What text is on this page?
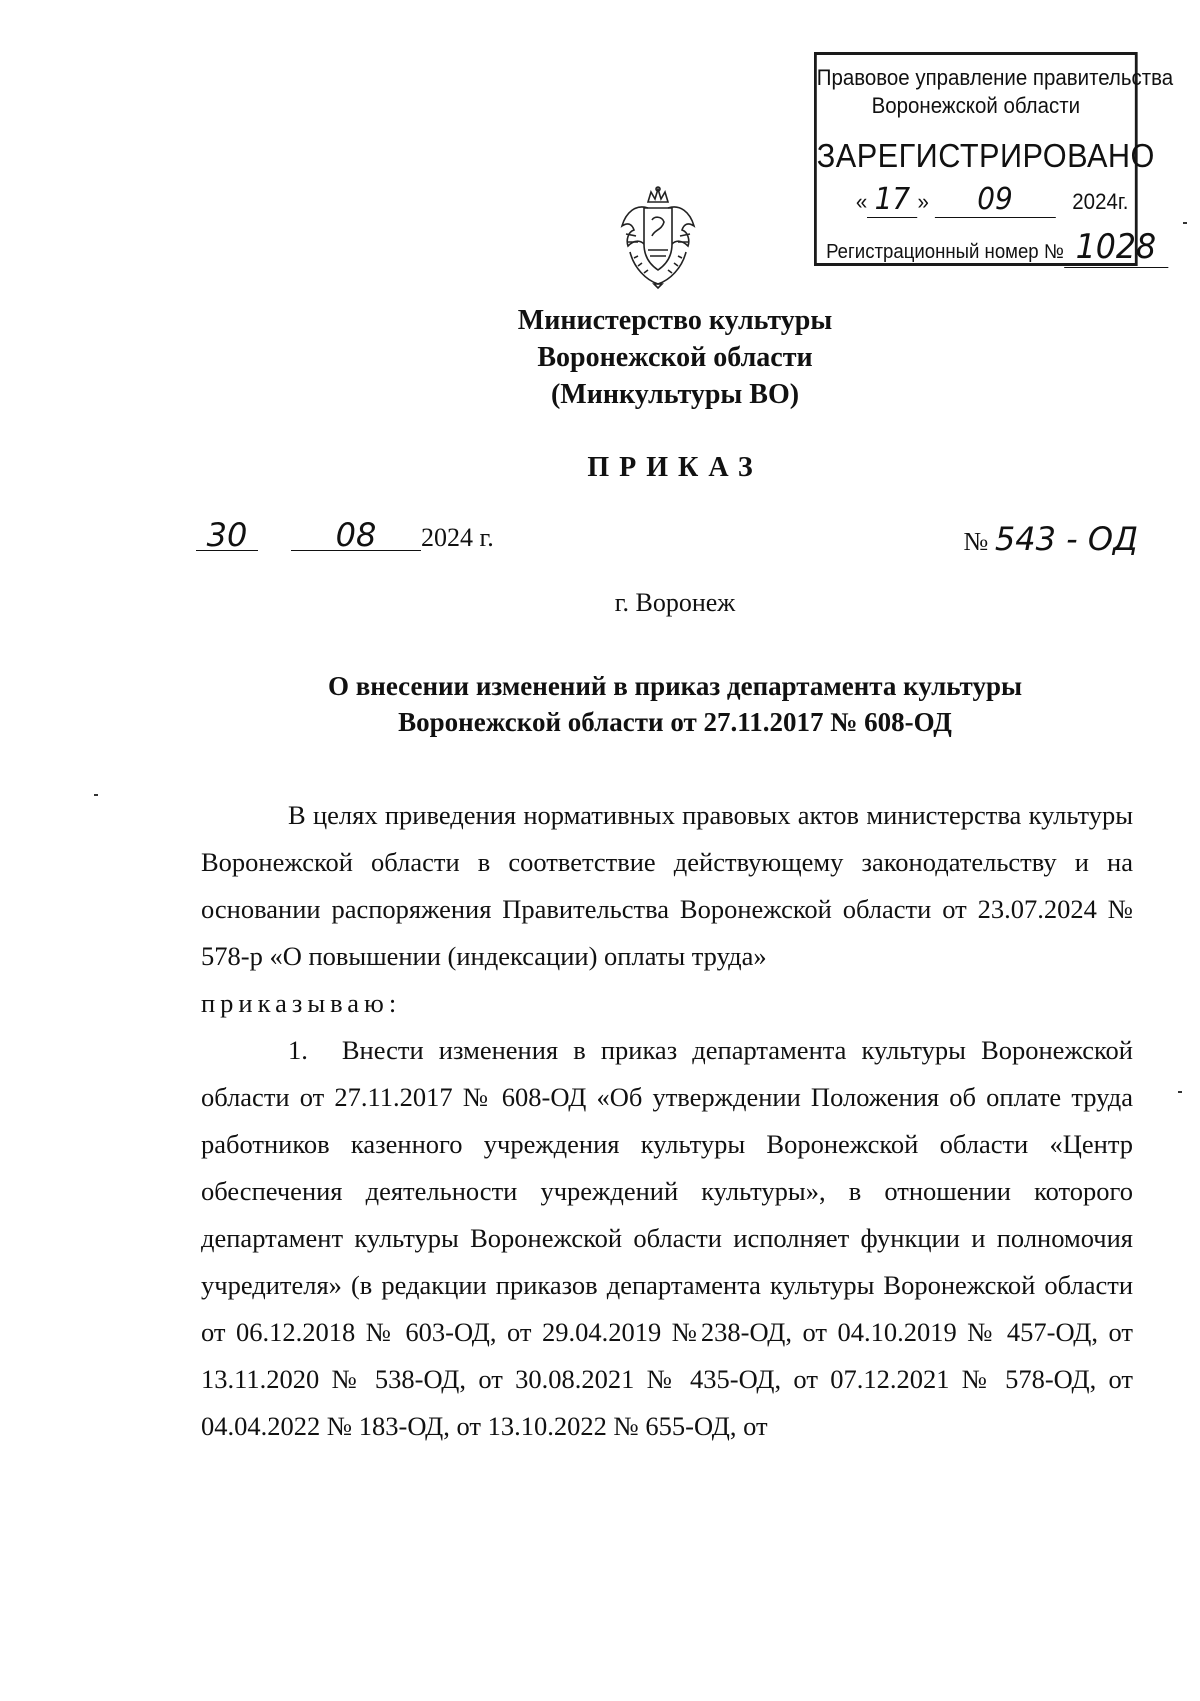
Правовое управление правительства
Воронежской области
ЗАРЕГИСТРИРОВАНО
« 17 » 09	2024г.
Регистрационный номер № 1028
Министерство культуры
Воронежской области
(Минкультуры ВО)
ПРИКАЗ
30	08 2024 г.	№ 543 - ОД
г. Воронеж
О внесении изменений в приказ департамента культуры
Воронежской области от 27.11.2017 № 608-ОД

В целях приведения нормативных правовых актов министерства культуры Воронежской области в соответствие действующему законодательству и на основании распоряжения Правительства Воронежской области от 23.07.2024 № 578-р «О повышении (индексации) оплаты труда»

приказываю:

1. Внести изменения в приказ департамента культуры Воронежской области от 27.11.2017 № 608-ОД «Об утверждении Положения об оплате труда работников казенного учреждения культуры Воронежской области «Центр обеспечения деятельности учреждений культуры», в отношении которого департамент культуры Воронежской области исполняет функции и полномочия учредителя» (в редакции приказов департамента культуры Воронежской области от 06.12.2018 № 603-ОД, от 29.04.2019 №238-ОД, от 04.10.2019 № 457-ОД, от 13.11.2020 № 538-ОД, от 30.08.2021 № 435-ОД, от 07.12.2021 № 578-ОД, от 04.04.2022 № 183-ОД, от 13.10.2022 № 655-ОД, от
